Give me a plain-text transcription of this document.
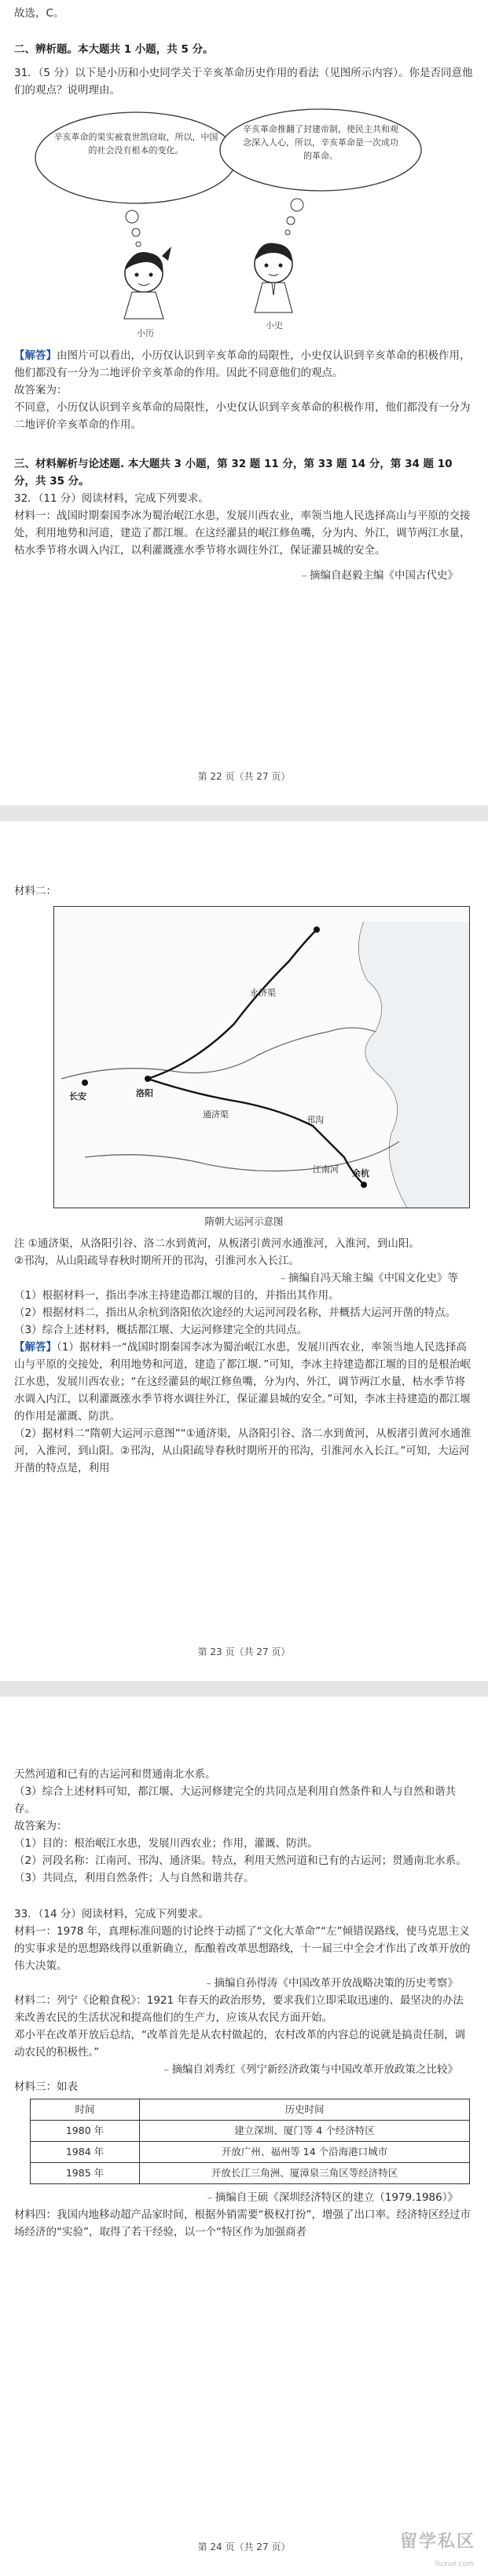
故选，C。

二、辨析题。本大题共 1 小题，共 5 分。

31．（5 分）以下是小历和小史同学关于辛亥革命历史作用的看法（见图所示内容）。你是否同意他们的观点？说明理由。

辛亥革命的果实被袁世凯窃取，所以，中国的社会没有根本的变化。
辛亥革命推翻了封建帝制，使民主共和观念深入人心，所以，辛亥革命是一次成功的革命。
小历
小史

【解答】由图片可以看出，小历仅认识到辛亥革命的局限性，小史仅认识到辛亥革命的积极作用，他们都没有一分为二地评价辛亥革命的作用。因此不同意他们的观点。

故答案为：

不同意，小历仅认识到辛亥革命的局限性，小史仅认识到辛亥革命的积极作用，他们都没有一分为二地评价辛亥革命的作用。

三、材料解析与论述题. 本大题共 3 小题，第 32 题 11 分，第 33 题 14 分，第 34 题 10 分，共 35 分。

32．（11 分）阅读材料，完成下列要求。

材料一：战国时期秦国李冰为蜀治岷江水患，发展川西农业，率领当地人民选择高山与平原的交接处，利用地势和河道，建造了都江堰。在这经灌县的岷江修鱼嘴，分为内、外江，调节两江水量，枯水季节将水调入内江，以利灌溉涨水季节将水调往外江，保证灌县城的安全。

﹣摘编自赵毅主编《中国古代史》

第 22 页（共 27 页）

材料二：

长安	洛阳
余杭
永济渠
通济渠
邗沟
江南河

隋朝大运河示意图

注 ①通济渠，从洛阳引谷、洛二水到黄河，从板渚引黄河水通淮河，入淮河，到山阳。

②邗沟，从山阳疏导春秋时期所开的邗沟，引淮河水入长江。

﹣摘编自冯天瑜主编《中国文化史》等

（1）根据材料一，指出李冰主持建造都江堰的目的，并指出其作用。

（2）根据材料二，指出从余杭到洛阳依次途经的大运河河段名称，并概括大运河开凿的特点。

（3）综合上述材料，概括都江堰、大运河修建完全的共同点。

【解答】（1）据材料一“战国时期秦国李冰为蜀治岷江水患，发展川西农业，率领当地人民选择高山与平原的交接处，利用地势和河道，建造了都江堰．”可知，李冰主持建造都江堰的目的是根治岷江水患，发展川西农业；“在这经灌县的岷江修鱼嘴，分为内、外江，调节两江水量，枯水季节将水调入内江，以利灌溉涨水季节将水调往外江，保证灌县城的安全。”可知，李冰主持建造的都江堰的作用是灌溉、防洪。

（2）据材料二“隋朝大运河示意图”“①通济渠，从洛阳引谷、洛二水到黄河，从板渚引黄河水通淮河，入淮河，到山阳。②邗沟，从山阳疏导春秋时期所开的邗沟，引淮河水入长江。”可知，大运河开凿的特点是，利用

第 23 页（共 27 页）

天然河道和已有的古运河和贯通南北水系。

（3）综合上述材料可知，都江堰、大运河修建完全的共同点是利用自然条件和人与自然和谐共存。

故答案为：

（1）目的：根治岷江水患，发展川西农业；作用，灌溉、防洪。

（2）河段名称：江南河、邗沟、通济渠。特点，利用天然河道和已有的古运河；贯通南北水系。

（3）共同点，利用自然条件；人与自然和谐共存。

33．（14 分）阅读材料，完成下列要求。

材料一：1978 年，真理标准问题的讨论终于动摇了“文化大革命”“左”倾错误路线，使马克思主义的实事求是的思想路线得以重新确立，酝酿着改革思想路线，十一届三中全会才作出了改革开放的伟大决策。

﹣摘编自孙得涛《中国改革开放战略决策的历史考察》

材料二：列宁《论粮食税》：1921 年春天的政治形势，要求我们立即采取迅速的、最坚决的办法来改善农民的生活状况和提高他们的生产力，应该从农民方面开始。

邓小平在改革开放后总结，“改革首先是从农村做起的，农村改革的内容总的说就是搞责任制，调动农民的积极性。”

﹣摘编自刘秀红《列宁新经济政策与中国改革开放政策之比较》

材料三：如表

时间	历史时间
1980 年	建立深圳、厦门等 4 个经济特区
1984 年	开放广州、福州等 14 个沿海港口城市
1985 年	开放长江三角洲、厦漳泉三角区等经济特区

﹣摘编自王硕《深圳经济特区的建立（1979.1986）》

材料四：我国内地移动超产品家时间，根据外销需要“极权打扮”，增强了出口率。经济特区经过市场经济的“实验”，取得了若干经验，以一个“特区作为加强商者

第 24 页（共 27 页）	留学私区
liuxue.com
